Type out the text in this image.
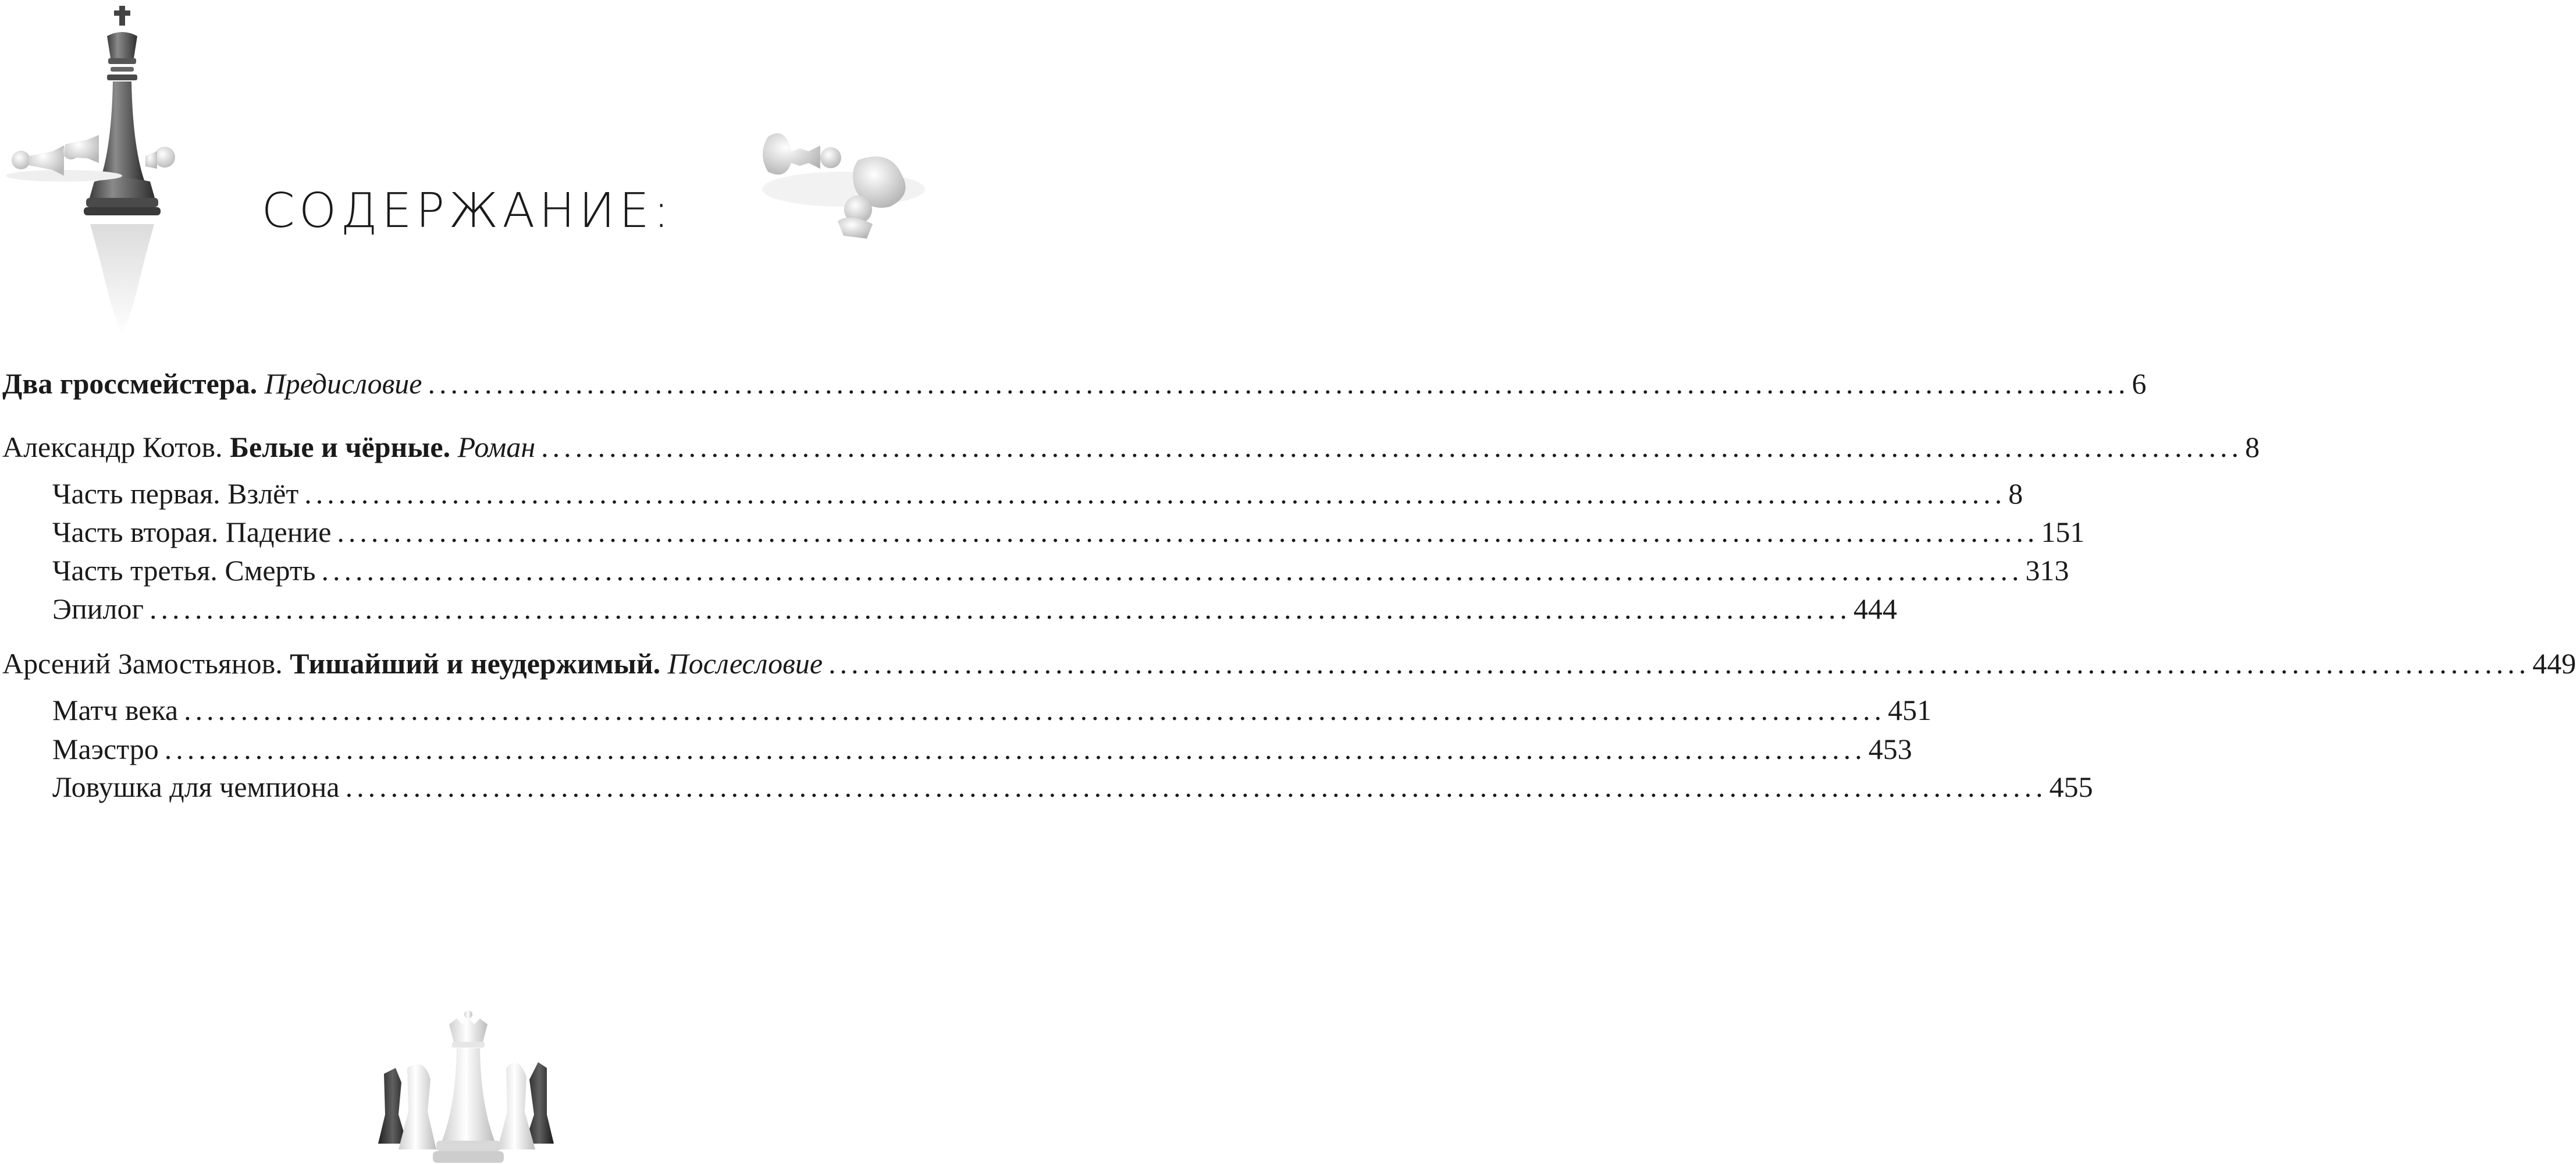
СОДЕРЖАНИЕ:
Два гроссмейстера. Предисловие ...................................................................................................................................................... 6
Александр Котов. Белые и чёрные. Роман ...................................................................................................................................................... 8
Часть первая. Взлёт ...................................................................................................................................................... 8
Часть вторая. Падение ...................................................................................................................................................... 151
Часть третья. Смерть ...................................................................................................................................................... 313
Эпилог ...................................................................................................................................................... 444
Арсений Замостьянов. Тишайший и неудержимый. Послесловие ...................................................................................................................................................... 449
Матч века ...................................................................................................................................................... 451
Маэстро ...................................................................................................................................................... 453
Ловушка для чемпиона ...................................................................................................................................................... 455
